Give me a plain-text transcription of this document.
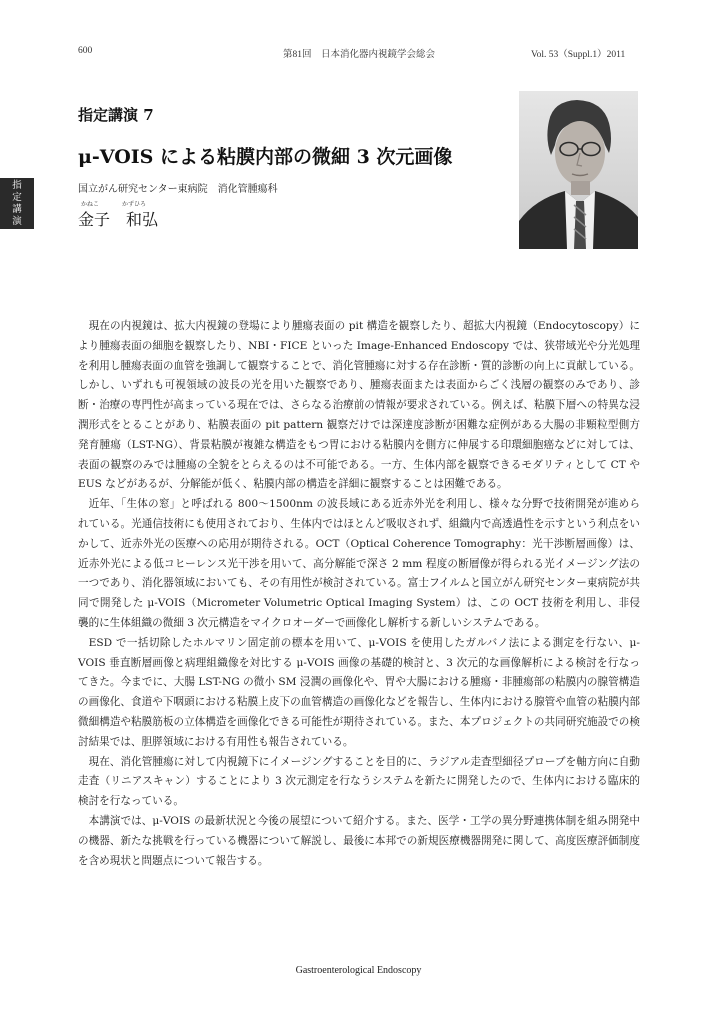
600	第81回　日本消化器内視鏡学会総会	Vol. 53（Suppl.1）2011
指
定
講
演
指定講演 7
μ-VOIS による粘膜内部の微細 3 次元画像
国立がん研究センター東病院　消化管腫瘍科
かねこ	かずひろ
金子　和弘

現在の内視鏡は、拡大内視鏡の登場により腫瘍表面の pit 構造を観察したり、超拡大内視鏡（Endocytoscopy）により腫瘍表面の細胞を観察したり、NBI・FICE といった Image-Enhanced Endoscopy では、狭帯域光や分光処理を利用し腫瘍表面の血管を強調して観察することで、消化管腫瘍に対する存在診断・質的診断の向上に貢献している。しかし、いずれも可視領域の波長の光を用いた観察であり、腫瘍表面または表面からごく浅層の観察のみであり、診断・治療の専門性が高まっている現在では、さらなる治療前の情報が要求されている。例えば、粘膜下層への特異な浸潤形式をとることがあり、粘膜表面の pit pattern 観察だけでは深達度診断が困難な症例がある大腸の非顆粒型側方発育腫瘍（LST-NG）、背景粘膜が複雑な構造をもつ胃における粘膜内を側方に伸展する印環細胞癌などに対しては、表面の観察のみでは腫瘍の全貌をとらえるのは不可能である。一方、生体内部を観察できるモダリティとして CT や EUS などがあるが、分解能が低く、粘膜内部の構造を詳細に観察することは困難である。

近年、「生体の窓」と呼ばれる 800〜1500nm の波長域にある近赤外光を利用し、様々な分野で技術開発が進められている。光通信技術にも使用されており、生体内ではほとんど吸収されず、組織内で高透過性を示すという利点をいかして、近赤外光の医療への応用が期待される。OCT（Optical Coherence Tomography：光干渉断層画像）は、近赤外光による低コヒーレンス光干渉を用いて、高分解能で深さ 2 mm 程度の断層像が得られる光イメージング法の一つであり、消化器領域においても、その有用性が検討されている。富士フイルムと国立がん研究センター東病院が共同で開発した μ-VOIS（Micrometer Volumetric Optical Imaging System）は、この OCT 技術を利用し、非侵襲的に生体組織の微細 3 次元構造をマイクロオーダーで画像化し解析する新しいシステムである。

ESD で一括切除したホルマリン固定前の標本を用いて、μ-VOIS を使用したガルバノ法による測定を行ない、μ-VOIS 垂直断層画像と病理組織像を対比する μ-VOIS 画像の基礎的検討と、3 次元的な画像解析による検討を行なってきた。今までに、大腸 LST-NG の微小 SM 浸潤の画像化や、胃や大腸における腫瘍・非腫瘍部の粘膜内の腺管構造の画像化、食道や下咽頭における粘膜上皮下の血管構造の画像化などを報告し、生体内における腺管や血管の粘膜内部微細構造や粘膜筋板の立体構造を画像化できる可能性が期待されている。また、本プロジェクトの共同研究施設での検討結果では、胆膵領域における有用性も報告されている。

現在、消化管腫瘍に対して内視鏡下にイメージングすることを目的に、ラジアル走査型細径プローブを軸方向に自動走査（リニアスキャン）することにより 3 次元測定を行なうシステムを新たに開発したので、生体内における臨床的検討を行なっている。

本講演では、μ-VOIS の最新状況と今後の展望について紹介する。また、医学・工学の異分野連携体制を組み開発中の機器、新たな挑戦を行っている機器について解説し、最後に本邦での新規医療機器開発に関して、高度医療評価制度を含め現状と問題点について報告する。

Gastroenterological Endoscopy
